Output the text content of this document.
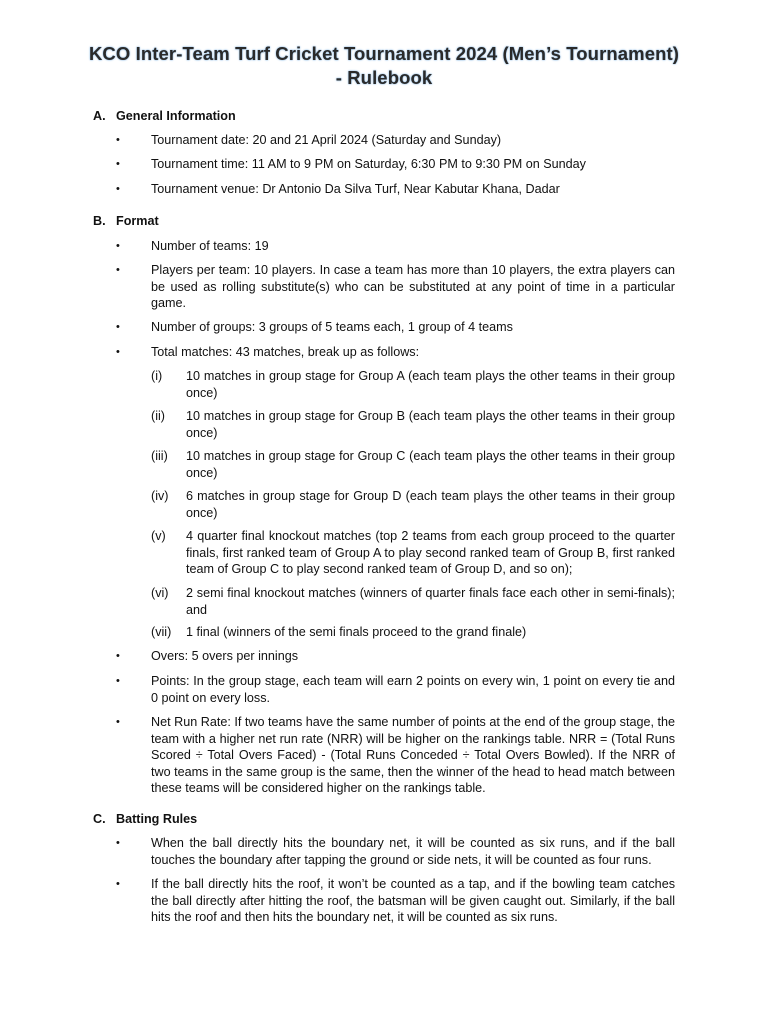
KCO Inter-Team Turf Cricket Tournament 2024 (Men’s Tournament)
- Rulebook
A. General Information
• Tournament date: 20 and 21 April 2024 (Saturday and Sunday)
• Tournament time: 11 AM to 9 PM on Saturday, 6:30 PM to 9:30 PM on Sunday
• Tournament venue: Dr Antonio Da Silva Turf, Near Kabutar Khana, Dadar
B. Format
• Number of teams: 19
• Players per team: 10 players. In case a team has more than 10 players, the extra players can be used as rolling substitute(s) who can be substituted at any point of time in a particular game.
• Number of groups: 3 groups of 5 teams each, 1 group of 4 teams
• Total matches: 43 matches, break up as follows:
(i) 10 matches in group stage for Group A (each team plays the other teams in their group once)
(ii) 10 matches in group stage for Group B (each team plays the other teams in their group once)
(iii) 10 matches in group stage for Group C (each team plays the other teams in their group once)
(iv) 6 matches in group stage for Group D (each team plays the other teams in their group once)
(v) 4 quarter final knockout matches (top 2 teams from each group proceed to the quarter finals, first ranked team of Group A to play second ranked team of Group B, first ranked team of Group C to play second ranked team of Group D, and so on);
(vi) 2 semi final knockout matches (winners of quarter finals face each other in semi-finals); and
(vii) 1 final (winners of the semi finals proceed to the grand finale)
• Overs: 5 overs per innings
• Points: In the group stage, each team will earn 2 points on every win, 1 point on every tie and 0 point on every loss.
• Net Run Rate: If two teams have the same number of points at the end of the group stage, the team with a higher net run rate (NRR) will be higher on the rankings table. NRR = (Total Runs Scored ÷ Total Overs Faced) - (Total Runs Conceded ÷ Total Overs Bowled). If the NRR of two teams in the same group is the same, then the winner of the head to head match between these teams will be considered higher on the rankings table.
C. Batting Rules
• When the ball directly hits the boundary net, it will be counted as six runs, and if the ball touches the boundary after tapping the ground or side nets, it will be counted as four runs.
• If the ball directly hits the roof, it won’t be counted as a tap, and if the bowling team catches the ball directly after hitting the roof, the batsman will be given caught out. Similarly, if the ball hits the roof and then hits the boundary net, it will be counted as six runs.
